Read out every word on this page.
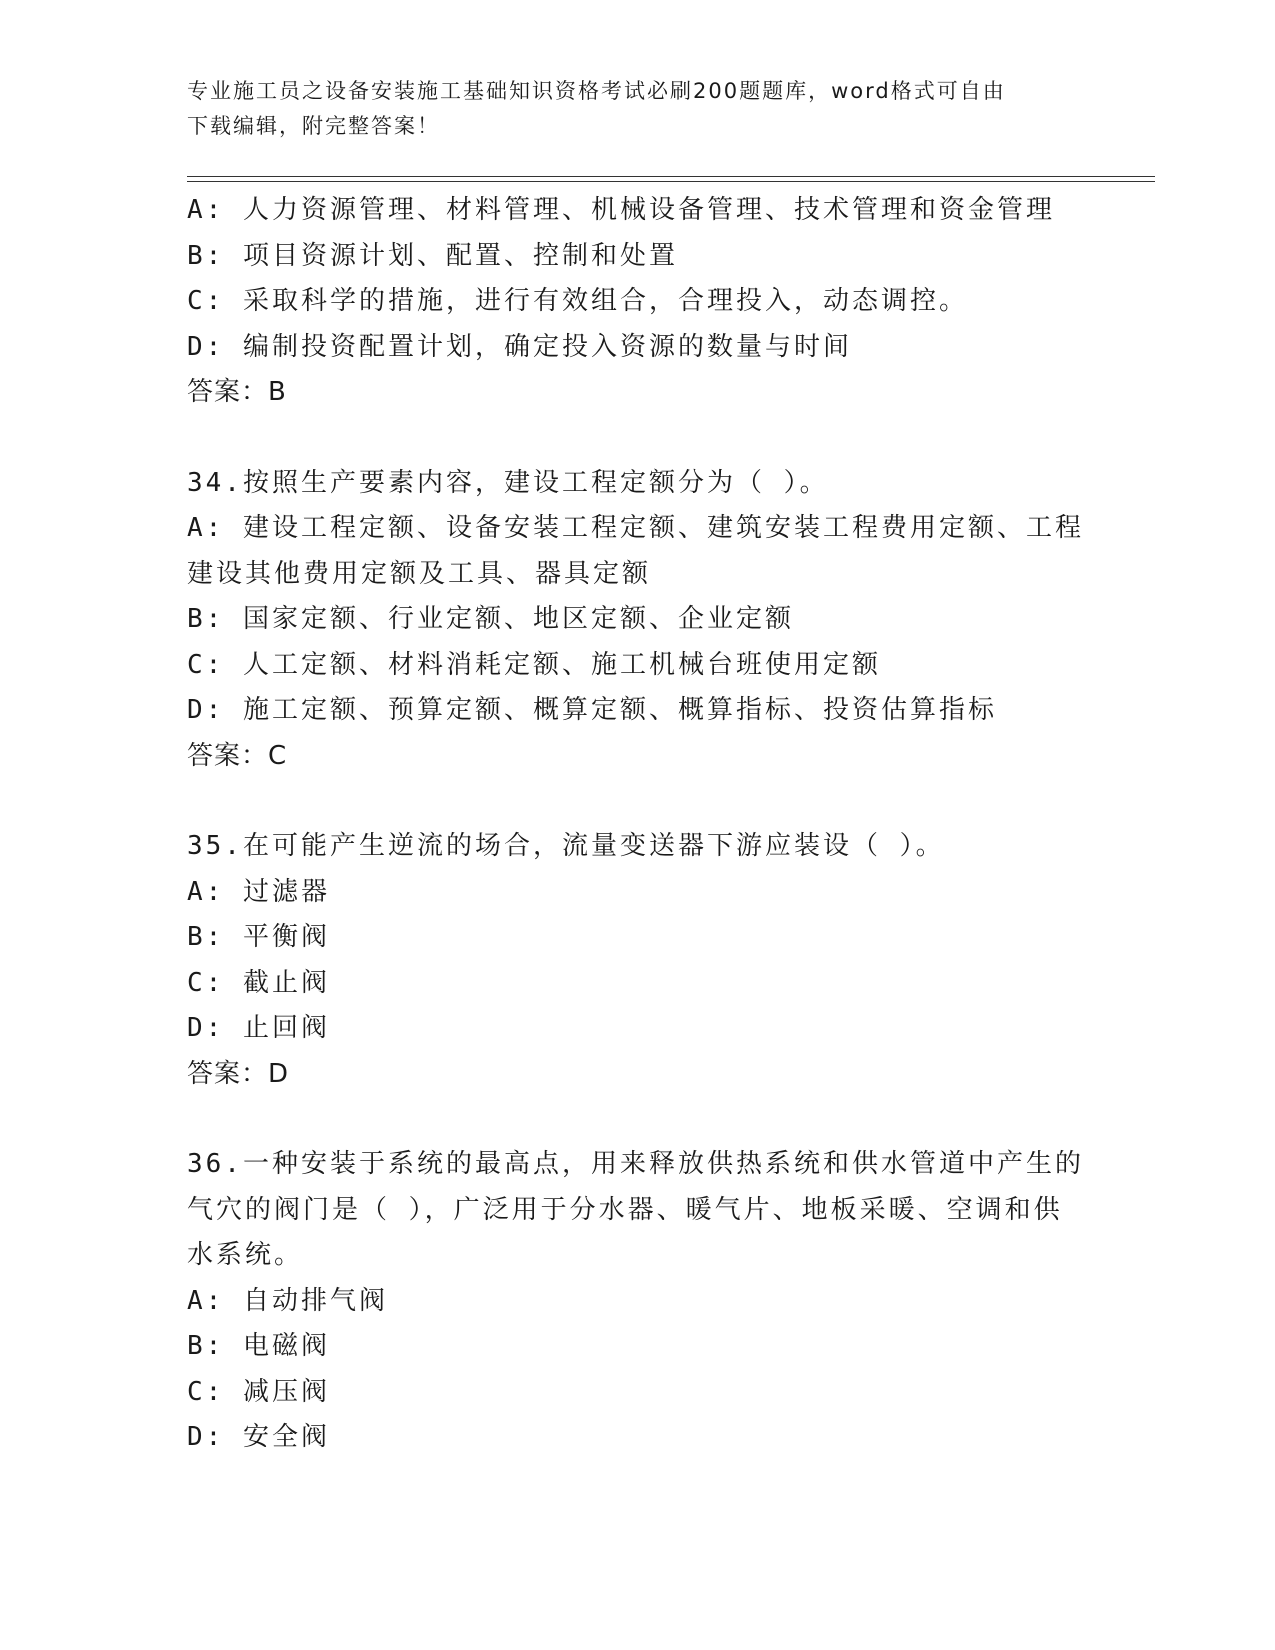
专业施工员之设备安装施工基础知识资格考试必刷200题题库，word格式可自由
下载编辑，附完整答案！
A: 人力资源管理、材料管理、机械设备管理、技术管理和资金管理
B: 项目资源计划、配置、控制和处置
C: 采取科学的措施，进行有效组合，合理投入，动态调控。
D: 编制投资配置计划，确定投入资源的数量与时间
答案：B
34.按照生产要素内容，建设工程定额分为（ ）。
A: 建设工程定额、设备安装工程定额、建筑安装工程费用定额、工程
建设其他费用定额及工具、器具定额
B: 国家定额、行业定额、地区定额、企业定额
C: 人工定额、材料消耗定额、施工机械台班使用定额
D: 施工定额、预算定额、概算定额、概算指标、投资估算指标
答案：C
35.在可能产生逆流的场合，流量变送器下游应装设（ ）。
A: 过滤器
B: 平衡阀
C: 截止阀
D: 止回阀
答案：D
36.一种安装于系统的最高点，用来释放供热系统和供水管道中产生的
气穴的阀门是（ ），广泛用于分水器、暖气片、地板采暖、空调和供
水系统。
A: 自动排气阀
B: 电磁阀
C: 减压阀
D: 安全阀
